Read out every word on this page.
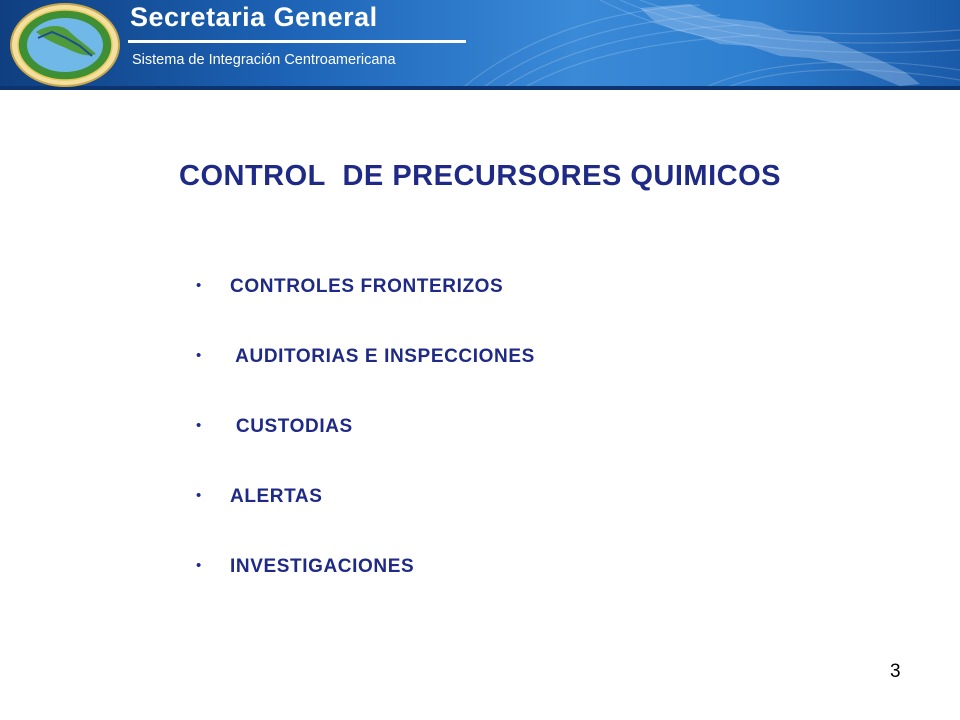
Secretaria General
Sistema de Integración Centroamericana
CONTROL  DE PRECURSORES QUIMICOS

•

CONTROLES FRONTERIZOS

•

AUDITORIAS E INSPECCIONES

•

CUSTODIAS

•

ALERTAS

•

INVESTIGACIONES

3
